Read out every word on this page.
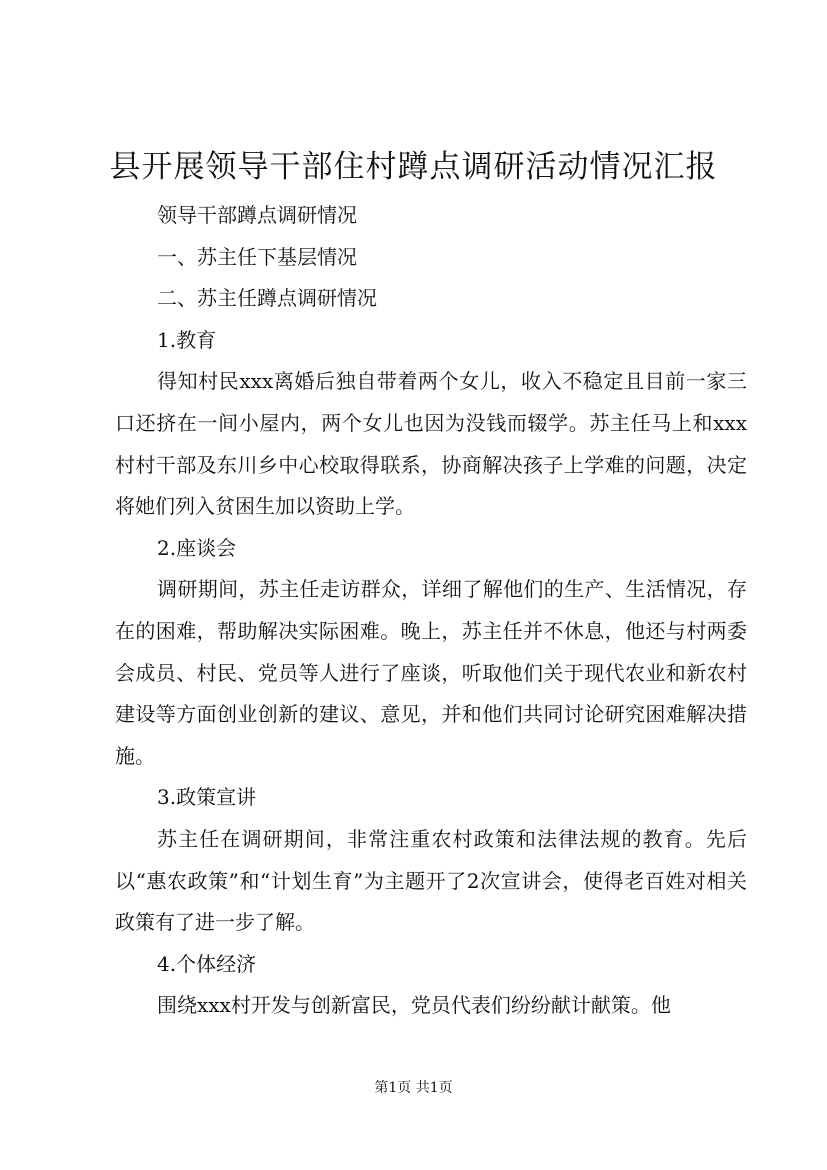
县开展领导干部住村蹲点调研活动情况汇报

领导干部蹲点调研情况

一、苏主任下基层情况

二、苏主任蹲点调研情况

1.教育

得知村民xxx离婚后独自带着两个女儿，收入不稳定且目前一家三口还挤在一间小屋内，两个女儿也因为没钱而辍学。苏主任马上和xxx村村干部及东川乡中心校取得联系，协商解决孩子上学难的问题，决定将她们列入贫困生加以资助上学。

2.座谈会

调研期间，苏主任走访群众，详细了解他们的生产、生活情况，存在的困难，帮助解决实际困难。晚上，苏主任并不休息，他还与村两委会成员、村民、党员等人进行了座谈，听取他们关于现代农业和新农村建设等方面创业创新的建议、意见，并和他们共同讨论研究困难解决措施。

3.政策宣讲

苏主任在调研期间，非常注重农村政策和法律法规的教育。先后以“惠农政策”和“计划生育”为主题开了2次宣讲会，使得老百姓对相关政策有了进一步了解。

4.个体经济

围绕xxx村开发与创新富民，党员代表们纷纷献计献策。他

第1页 共1页
